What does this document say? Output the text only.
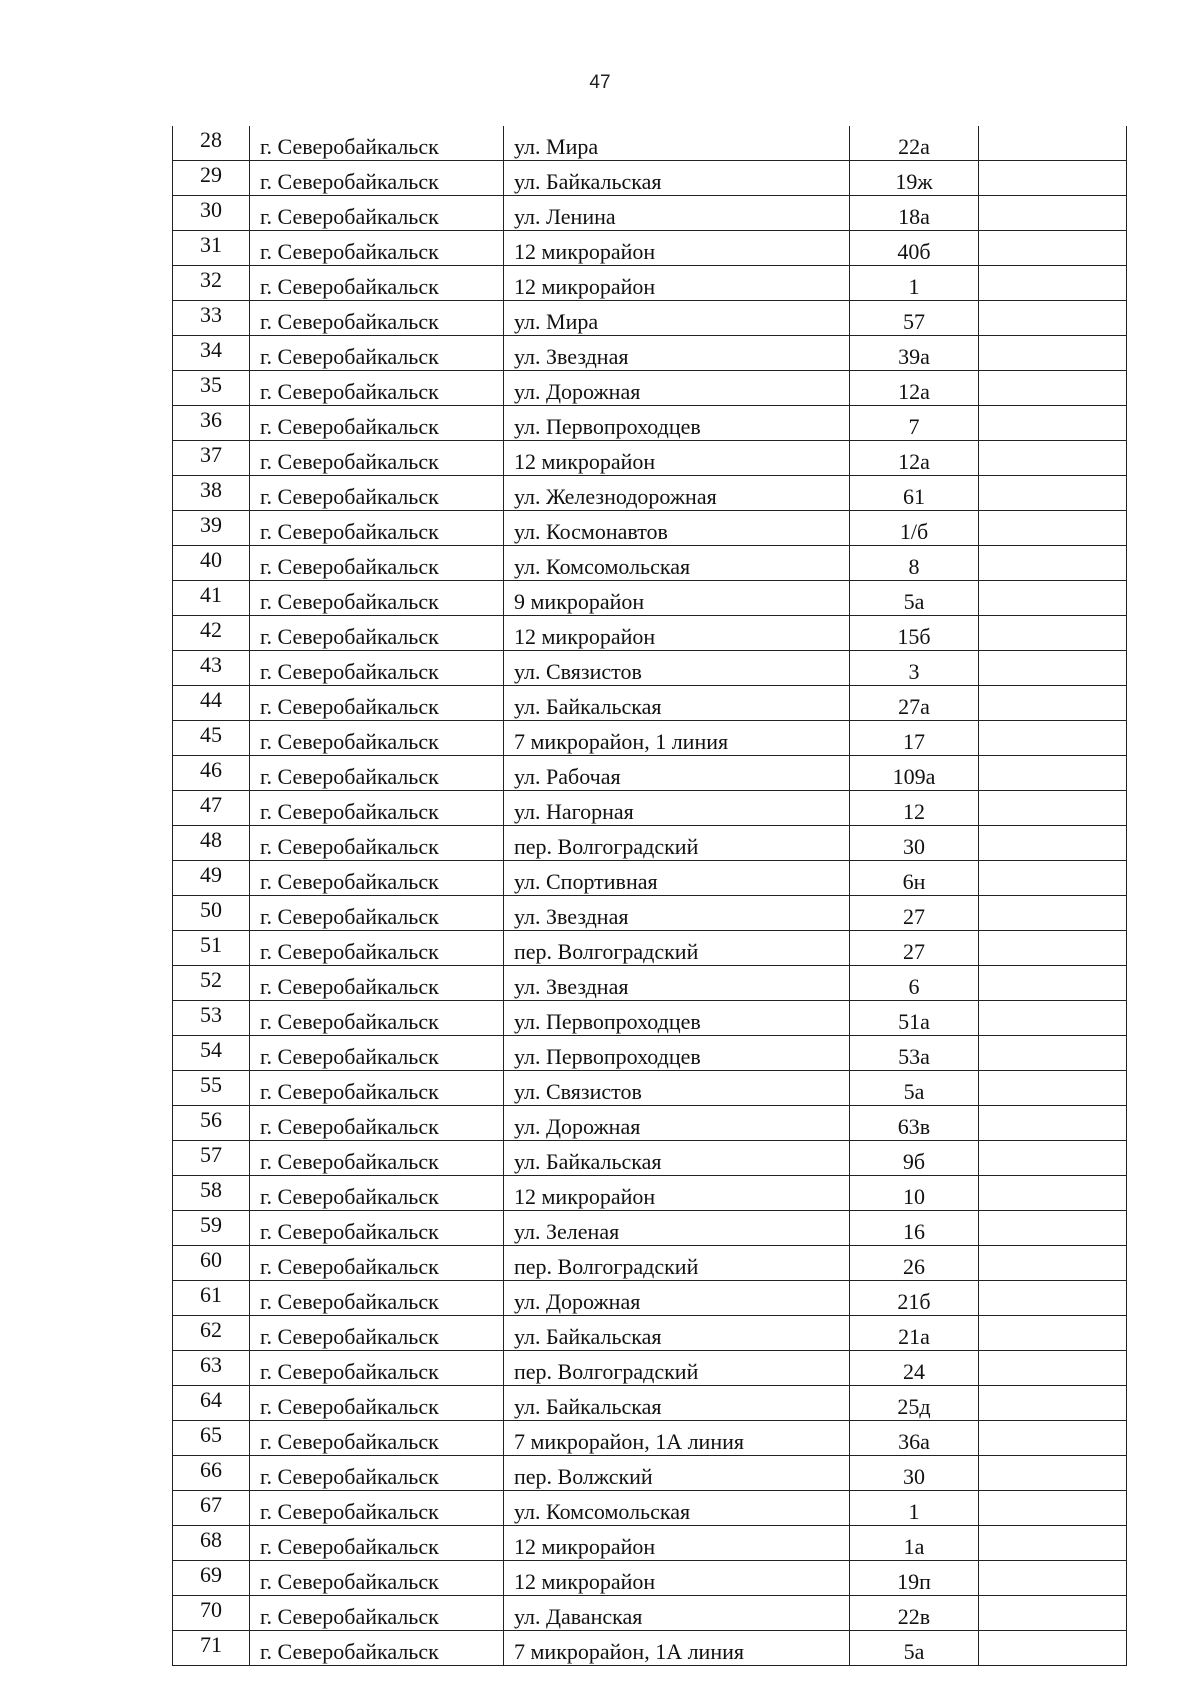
47
28	г. Северобайкальск	ул. Мира	22а	
29	г. Северобайкальск	ул. Байкальская	19ж	
30	г. Северобайкальск	ул. Ленина	18а	
31	г. Северобайкальск	12 микрорайон	40б	
32	г. Северобайкальск	12 микрорайон	1	
33	г. Северобайкальск	ул. Мира	57	
34	г. Северобайкальск	ул. Звездная	39а	
35	г. Северобайкальск	ул. Дорожная	12а	
36	г. Северобайкальск	ул. Первопроходцев	7	
37	г. Северобайкальск	12 микрорайон	12а	
38	г. Северобайкальск	ул. Железнодорожная	61	
39	г. Северобайкальск	ул. Космонавтов	1/б	
40	г. Северобайкальск	ул. Комсомольская	8	
41	г. Северобайкальск	9 микрорайон	5а	
42	г. Северобайкальск	12 микрорайон	15б	
43	г. Северобайкальск	ул. Связистов	3	
44	г. Северобайкальск	ул. Байкальская	27а	
45	г. Северобайкальск	7 микрорайон, 1 линия	17	
46	г. Северобайкальск	ул. Рабочая	109а	
47	г. Северобайкальск	ул. Нагорная	12	
48	г. Северобайкальск	пер. Волгоградский	30	
49	г. Северобайкальск	ул. Спортивная	6н	
50	г. Северобайкальск	ул. Звездная	27	
51	г. Северобайкальск	пер. Волгоградский	27	
52	г. Северобайкальск	ул. Звездная	6	
53	г. Северобайкальск	ул. Первопроходцев	51а	
54	г. Северобайкальск	ул. Первопроходцев	53а	
55	г. Северобайкальск	ул. Связистов	5а	
56	г. Северобайкальск	ул. Дорожная	63в	
57	г. Северобайкальск	ул. Байкальская	9б	
58	г. Северобайкальск	12 микрорайон	10	
59	г. Северобайкальск	ул. Зеленая	16	
60	г. Северобайкальск	пер. Волгоградский	26	
61	г. Северобайкальск	ул. Дорожная	21б	
62	г. Северобайкальск	ул. Байкальская	21а	
63	г. Северобайкальск	пер. Волгоградский	24	
64	г. Северобайкальск	ул. Байкальская	25д	
65	г. Северобайкальск	7 микрорайон, 1А линия	36а	
66	г. Северобайкальск	пер. Волжский	30	
67	г. Северобайкальск	ул. Комсомольская	1	
68	г. Северобайкальск	12 микрорайон	1а	
69	г. Северобайкальск	12 микрорайон	19п	
70	г. Северобайкальск	ул. Даванская	22в	
71	г. Северобайкальск	7 микрорайон, 1А линия	5а	
